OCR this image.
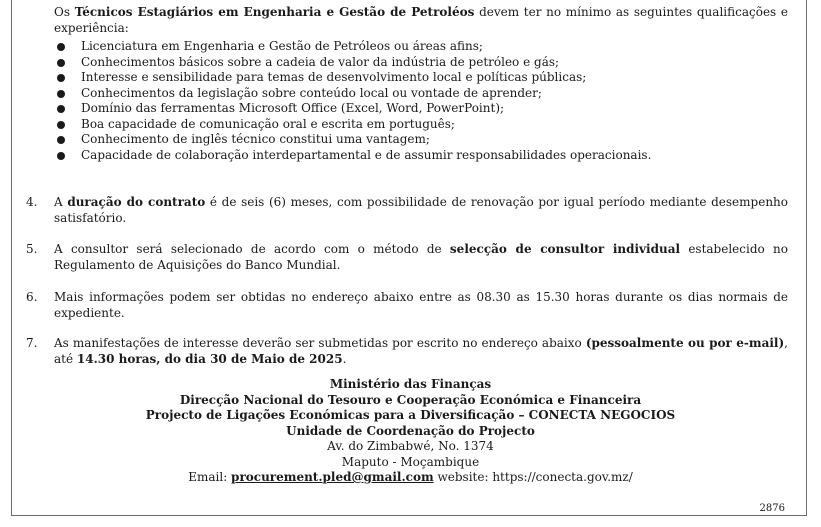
Os Técnicos Estagiários em Engenharia e Gestão de Petroléos devem ter no mínimo as seguintes qualificações e experiência:
Licenciatura em Engenharia e Gestão de Petróleos ou áreas afins;
Conhecimentos básicos sobre a cadeia de valor da indústria de petróleo e gás;
Interesse e sensibilidade para temas de desenvolvimento local e políticas públicas;
Conhecimentos da legislação sobre conteúdo local ou vontade de aprender;
Domínio das ferramentas Microsoft Office (Excel, Word, PowerPoint);
Boa capacidade de comunicação oral e escrita em português;
Conhecimento de inglês técnico constitui uma vantagem;
Capacidade de colaboração interdepartamental e de assumir responsabilidades operacionais.
4. A duração do contrato é de seis (6) meses, com possibilidade de renovação por igual período mediante desempenho satisfatório.
5. A consultor será selecionado de acordo com o método de selecção de consultor individual estabelecido no Regulamento de Aquisições do Banco Mundial.
6. Mais informações podem ser obtidas no endereço abaixo entre as 08.30 as 15.30 horas durante os dias normais de expediente.
7. As manifestações de interesse deverão ser submetidas por escrito no endereço abaixo (pessoalmente ou por e-mail), até 14.30 horas, do dia 30 de Maio de 2025.
Ministério das Finanças
Direcção Nacional do Tesouro e Cooperação Económica e Financeira
Projecto de Ligações Económicas para a Diversificação – CONECTA NEGOCIOS
Unidade de Coordenação do Projecto
Av. do Zimbabwé, No. 1374
Maputo - Moçambique
Email: procurement.pled@gmail.com website: https://conecta.gov.mz/
2876
